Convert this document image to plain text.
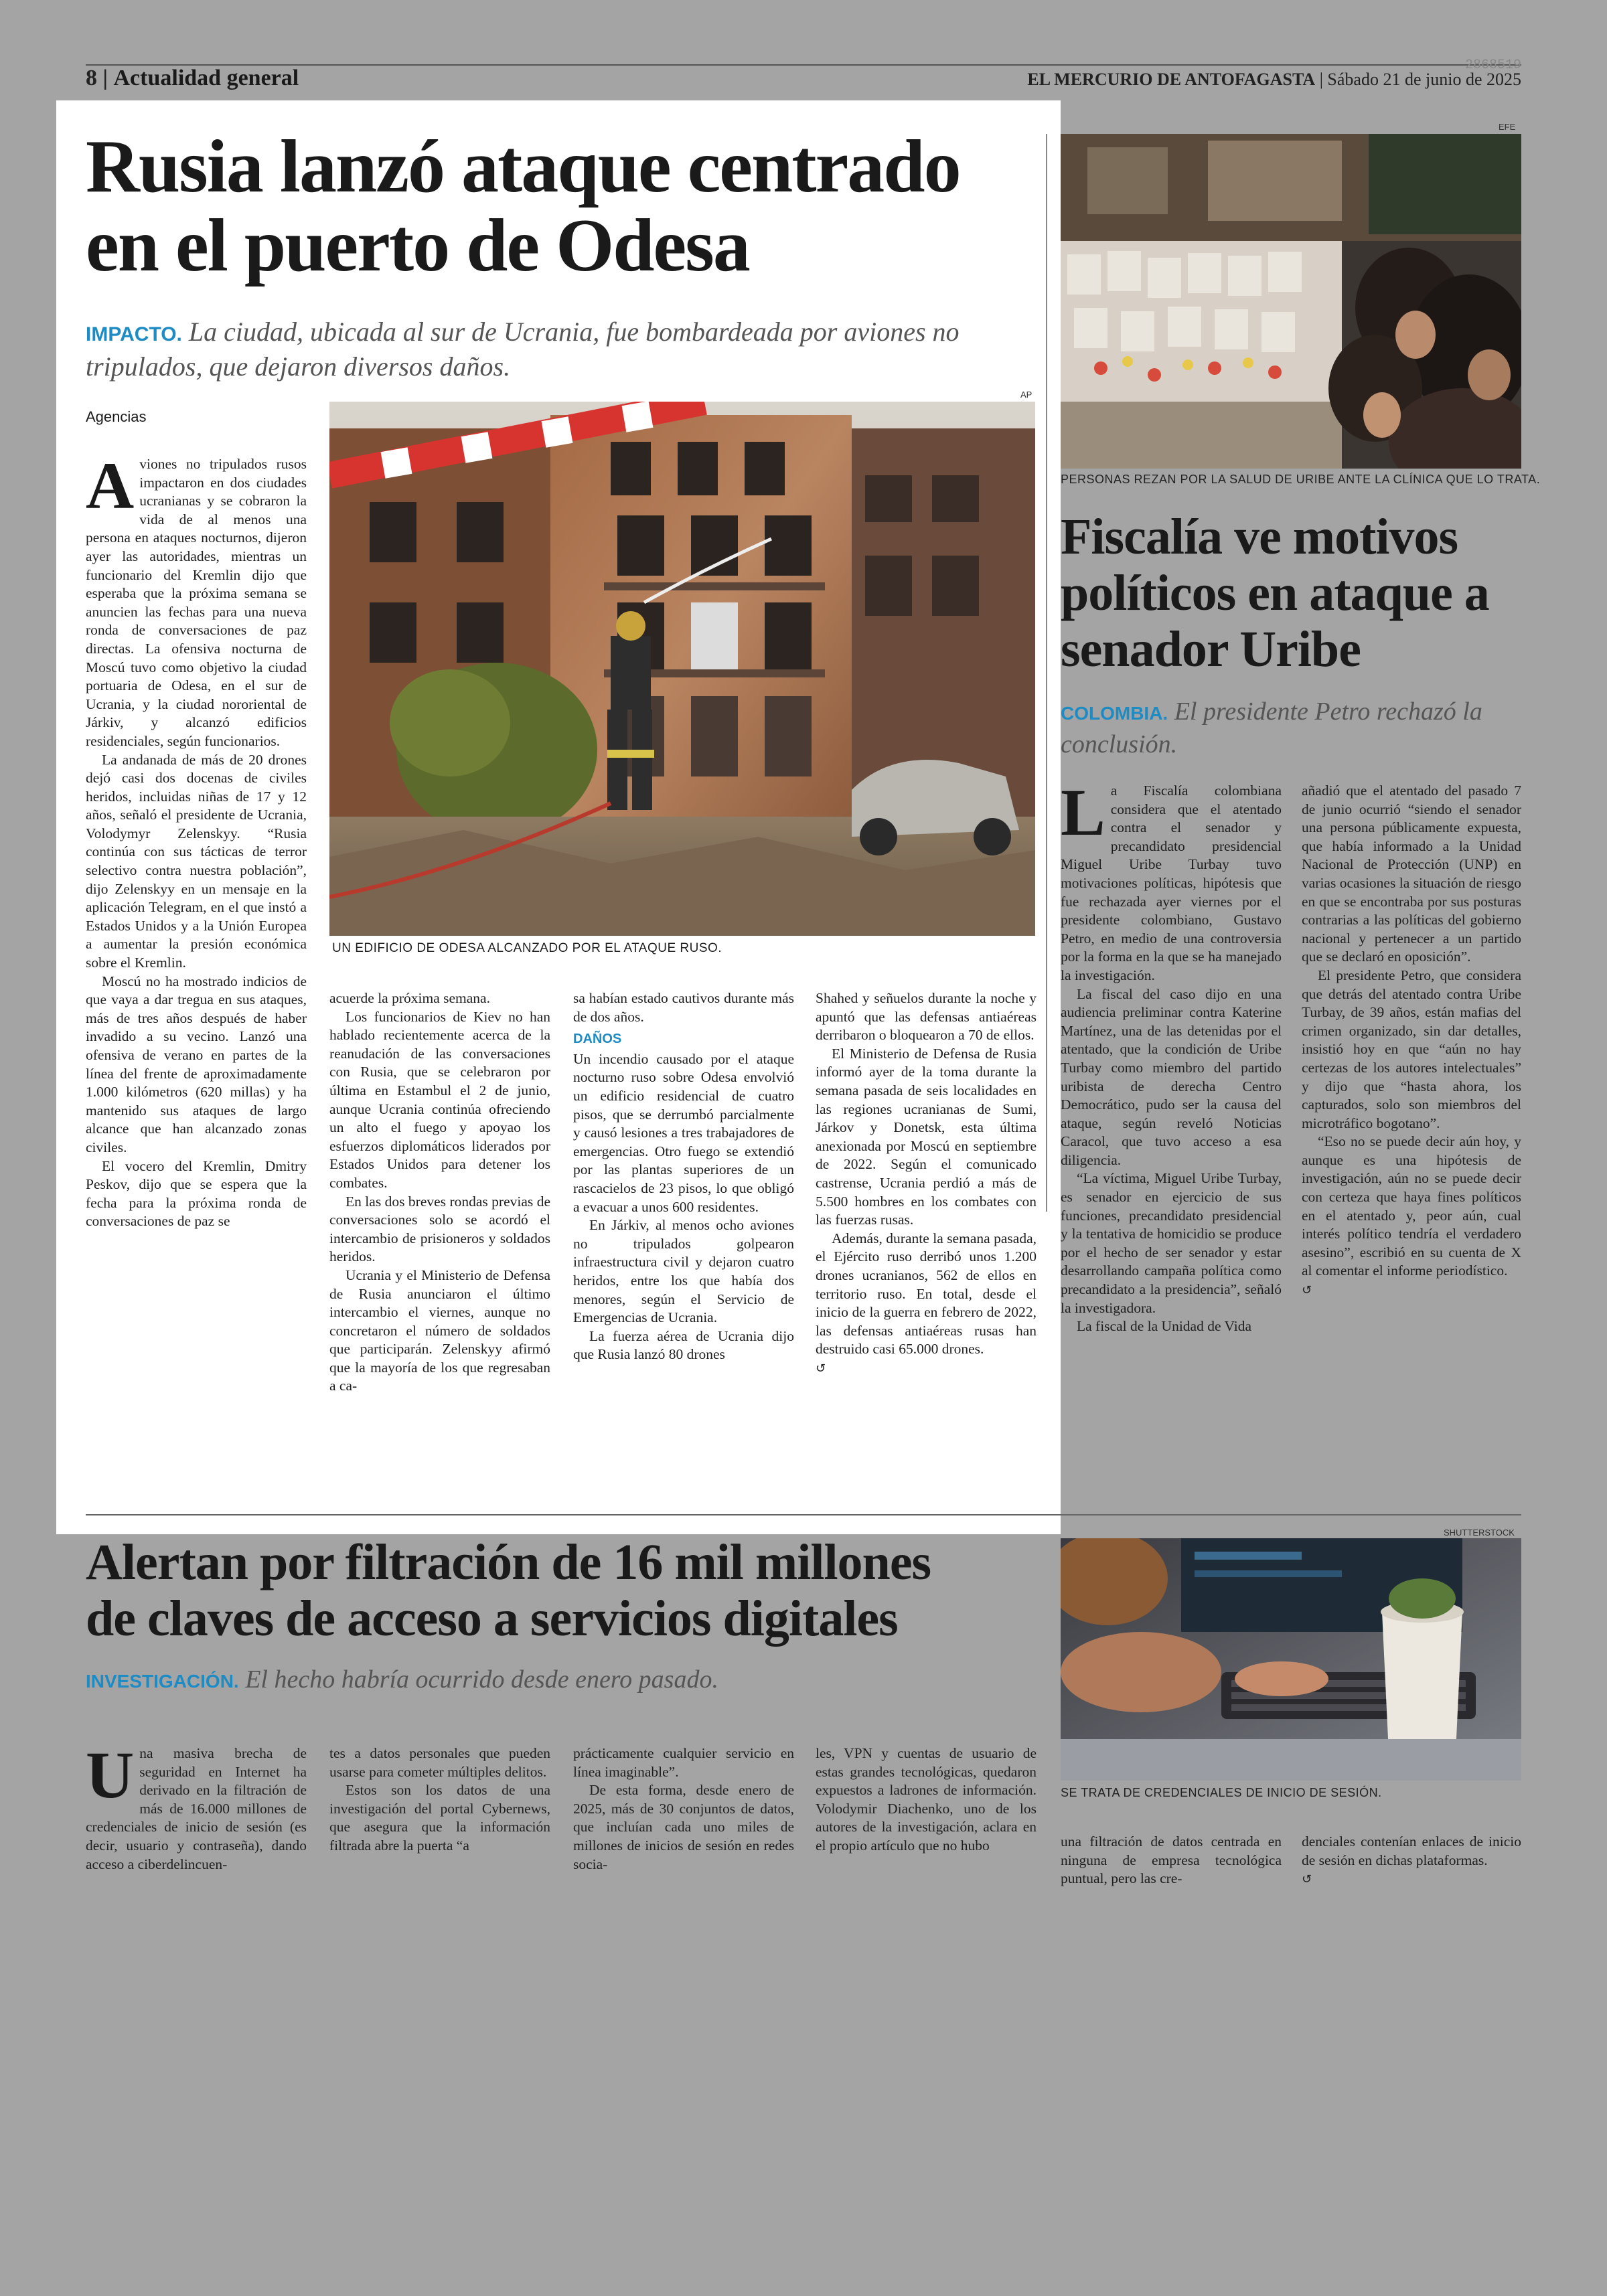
8 | Actualidad general
2868519
EL MERCURIO DE ANTOFAGASTA | Sábado 21 de junio de 2025
Rusia lanzó ataque centrado
en el puerto de Odesa

IMPACTO. La ciudad, ubicada al sur de Ucrania, fue bombardeada por aviones no tripulados, que dejaron diversos daños.

Agencias
AP
UN EDIFICIO DE ODESA ALCANZADO POR EL ATAQUE RUSO.
A viones no tripulados rusos impactaron en dos ciudades ucranianas y se cobraron la vida de al menos una persona en ataques nocturnos, dijeron ayer las autoridades, mientras un funcionario del Kremlin dijo que esperaba que la próxima semana se anuncien las fechas para una nueva ronda de conversaciones de paz directas. La ofensiva nocturna de Moscú tuvo como objetivo la ciudad portuaria de Odesa, en el sur de Ucrania, y la ciudad nororiental de Járkiv, y alcanzó edificios residenciales, según funcionarios.

La andanada de más de 20 drones dejó casi dos docenas de civiles heridos, incluidas niñas de 17 y 12 años, señaló el presidente de Ucrania, Volodymyr Zelenskyy. “Rusia continúa con sus tácticas de terror selectivo contra nuestra población”, dijo Zelenskyy en un mensaje en la aplicación Telegram, en el que instó a Estados Unidos y a la Unión Europea a aumentar la presión económica sobre el Kremlin.

Moscú no ha mostrado indicios de que vaya a dar tregua en sus ataques, más de tres años después de haber invadido a su vecino. Lanzó una ofensiva de verano en partes de la línea del frente de aproximadamente 1.000 kilómetros (620 millas) y ha mantenido sus ataques de largo alcance que han alcanzado zonas civiles.

El vocero del Kremlin, Dmitry Peskov, dijo que se espera que la fecha para la próxima ronda de conversaciones de paz se

acuerde la próxima semana.

Los funcionarios de Kiev no han hablado recientemente acerca de la reanudación de las conversaciones con Rusia, que se celebraron por última en Estambul el 2 de junio, aunque Ucrania continúa ofreciendo un alto el fuego y apoyao los esfuerzos diplomáticos liderados por Estados Unidos para detener los combates.

En las dos breves rondas previas de conversaciones solo se acordó el intercambio de prisioneros y soldados heridos.

Ucrania y el Ministerio de Defensa de Rusia anunciaron el último intercambio el viernes, aunque no concretaron el número de soldados que participarán. Zelenskyy afirmó que la mayoría de los que regresaban a ca-

sa habían estado cautivos durante más de dos años.

DAÑOS

Un incendio causado por el ataque nocturno ruso sobre Odesa envolvió un edificio residencial de cuatro pisos, que se derrumbó parcialmente y causó lesiones a tres trabajadores de emergencias. Otro fuego se extendió por las plantas superiores de un rascacielos de 23 pisos, lo que obligó a evacuar a unos 600 residentes.

En Járkiv, al menos ocho aviones no tripulados golpearon infraestructura civil y dejaron cuatro heridos, entre los que había dos menores, según el Servicio de Emergencias de Ucrania.

La fuerza aérea de Ucrania dijo que Rusia lanzó 80 drones

Shahed y señuelos durante la noche y apuntó que las defensas antiaéreas derribaron o bloquearon a 70 de ellos.

El Ministerio de Defensa de Rusia informó ayer de la toma durante la semana pasada de seis localidades en las regiones ucranianas de Sumi, Járkov y Donetsk, esta última anexionada por Moscú en septiembre de 2022. Según el comunicado castrense, Ucrania perdió a más de 5.500 hombres en los combates con las fuerzas rusas.

Además, durante la semana pasada, el Ejército ruso derribó unos 1.200 drones ucranianos, 562 de ellos en territorio ruso. En total, desde el inicio de la guerra en febrero de 2022, las defensas antiaéreas rusas han destruido casi 65.000 drones.

↺
EFE
PERSONAS REZAN POR LA SALUD DE URIBE ANTE LA CLÍNICA QUE LO TRATA.
Fiscalía ve motivos
políticos en ataque a
senador Uribe

COLOMBIA. El presidente Petro rechazó la conclusión.

L a Fiscalía colombiana considera que el atentado contra el senador y precandidato presidencial Miguel Uribe Turbay tuvo motivaciones políticas, hipótesis que fue rechazada ayer viernes por el presidente colombiano, Gustavo Petro, en medio de una controversia por la forma en la que se ha manejado la investigación.

La fiscal del caso dijo en una audiencia preliminar contra Katerine Martínez, una de las detenidas por el atentado, que la condición de Uribe Turbay como miembro del partido uribista de derecha Centro Democrático, pudo ser la causa del ataque, según reveló Noticias Caracol, que tuvo acceso a esa diligencia.

“La víctima, Miguel Uribe Turbay, es senador en ejercicio de sus funciones, precandidato presidencial y la tentativa de homicidio se produce por el hecho de ser senador y estar desarrollando campaña política como precandidato a la presidencia”, señaló la investigadora.

La fiscal de la Unidad de Vida

añadió que el atentado del pasado 7 de junio ocurrió “siendo el senador una persona públicamente expuesta, que había informado a la Unidad Nacional de Protección (UNP) en varias ocasiones la situación de riesgo en que se encontraba por sus posturas contrarias a las políticas del gobierno nacional y pertenecer a un partido que se declaró en oposición”.

El presidente Petro, que considera que detrás del atentado contra Uribe Turbay, de 39 años, están mafias del crimen organizado, sin dar detalles, insistió hoy en que “aún no hay certezas de los autores intelectuales” y dijo que “hasta ahora, los capturados, solo son miembros del microtráfico bogotano”.

“Eso no se puede decir aún hoy, y aunque es una hipótesis de investigación, aún no se puede decir con certeza que haya fines políticos en el atentado y, peor aún, cual interés político tendría el verdadero asesino”, escribió en su cuenta de X al comentar el informe periodístico.

↺
Alertan por filtración de 16 mil millones
de claves de acceso a servicios digitales

INVESTIGACIÓN. El hecho habría ocurrido desde enero pasado.

SHUTTERSTOCK
SE TRATA DE CREDENCIALES DE INICIO DE SESIÓN.
U na masiva brecha de seguridad en Internet ha derivado en la filtración de más de 16.000 millones de credenciales de inicio de sesión (es decir, usuario y contraseña), dando acceso a ciberdelincuen-

tes a datos personales que pueden usarse para cometer múltiples delitos.

Estos son los datos de una investigación del portal Cybernews, que asegura que la información filtrada abre la puerta “a

prácticamente cualquier servicio en línea imaginable”.

De esta forma, desde enero de 2025, más de 30 conjuntos de datos, que incluían cada uno miles de millones de inicios de sesión en redes socia-

les, VPN y cuentas de usuario de estas grandes tecnológicas, quedaron expuestos a ladrones de información. Volodymir Diachenko, uno de los autores de la investigación, aclara en el propio artículo que no hubo	una filtración de datos centrada en ninguna de empresa tecnológica puntual, pero las cre-

denciales contenían enlaces de inicio de sesión en dichas plataformas.

↺
